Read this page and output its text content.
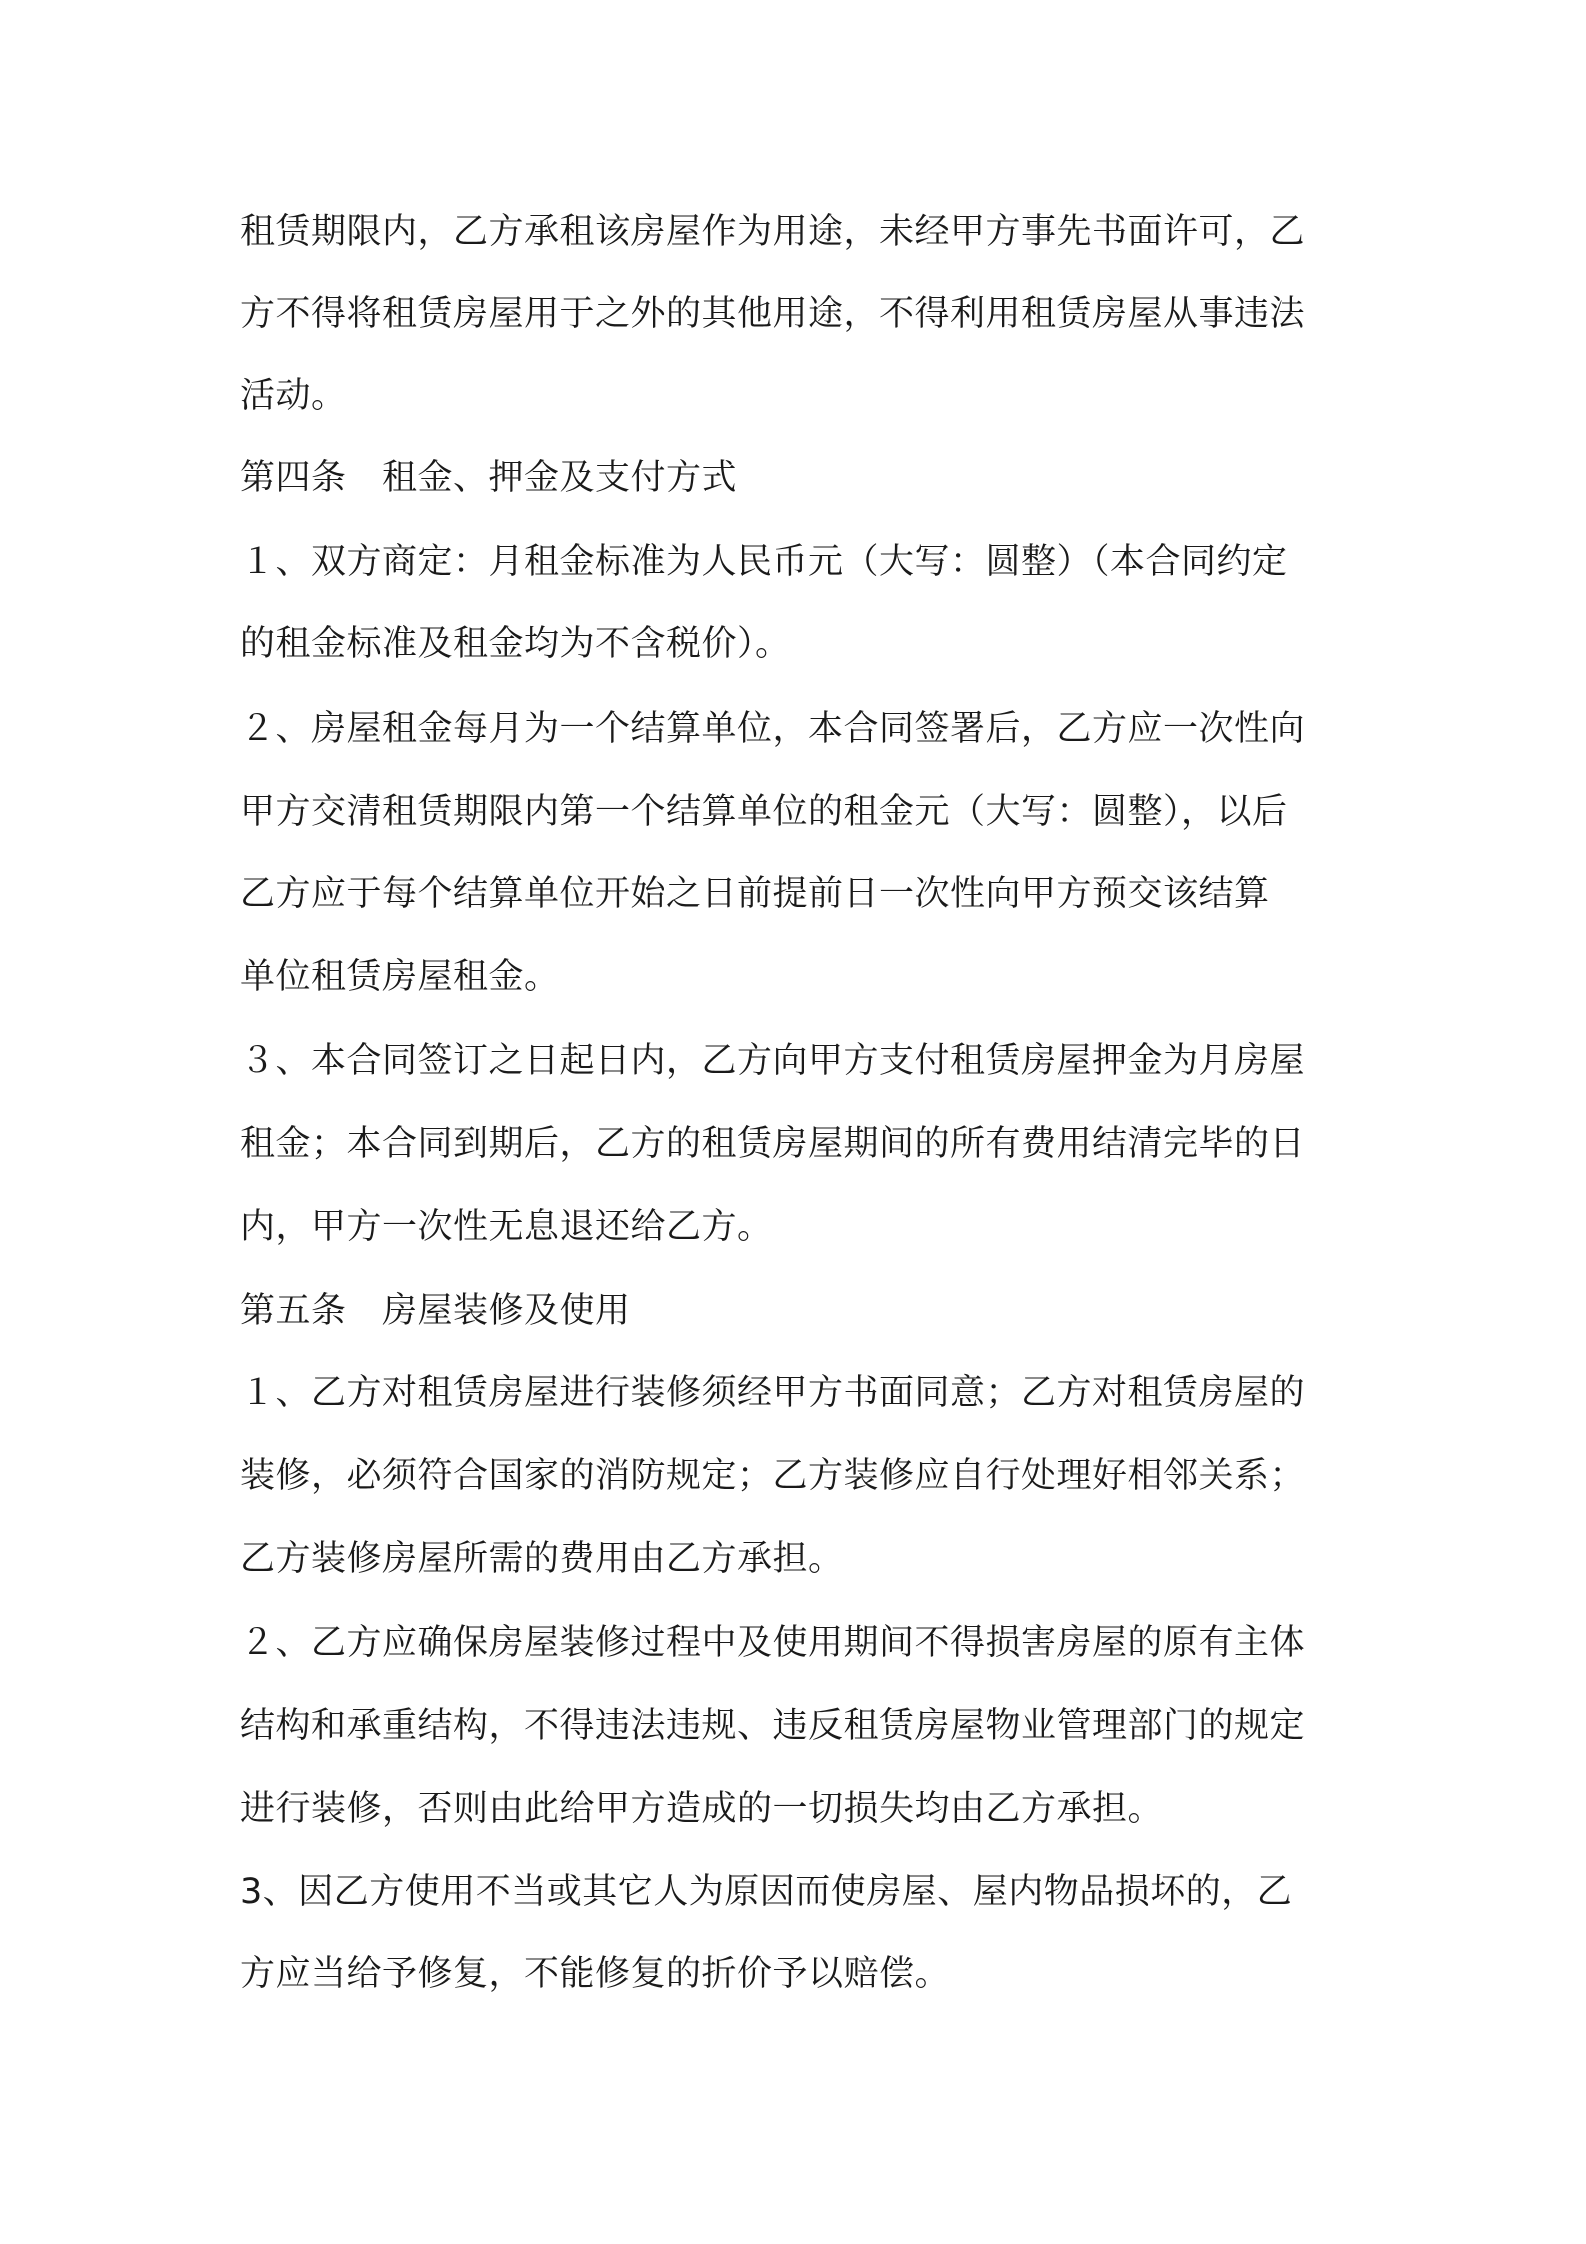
租赁期限内，乙方承租该房屋作为用途，未经甲方事先书面许可，乙
方不得将租赁房屋用于之外的其他用途，不得利用租赁房屋从事违法
活动。
第四条　租金、押金及支付方式
１、双方商定：月租金标准为人民币元（大写：圆整）（本合同约定
的租金标准及租金均为不含税价）。
２、房屋租金每月为一个结算单位，本合同签署后，乙方应一次性向
甲方交清租赁期限内第一个结算单位的租金元（大写：圆整），以后
乙方应于每个结算单位开始之日前提前日一次性向甲方预交该结算
单位租赁房屋租金。
３、本合同签订之日起日内，乙方向甲方支付租赁房屋押金为月房屋
租金；本合同到期后，乙方的租赁房屋期间的所有费用结清完毕的日
内，甲方一次性无息退还给乙方。
第五条　房屋装修及使用
１、乙方对租赁房屋进行装修须经甲方书面同意；乙方对租赁房屋的
装修，必须符合国家的消防规定；乙方装修应自行处理好相邻关系；
乙方装修房屋所需的费用由乙方承担。
２、乙方应确保房屋装修过程中及使用期间不得损害房屋的原有主体
结构和承重结构，不得违法违规、违反租赁房屋物业管理部门的规定
进行装修，否则由此给甲方造成的一切损失均由乙方承担。
3、因乙方使用不当或其它人为原因而使房屋、屋内物品损坏的，乙
方应当给予修复，不能修复的折价予以赔偿。
